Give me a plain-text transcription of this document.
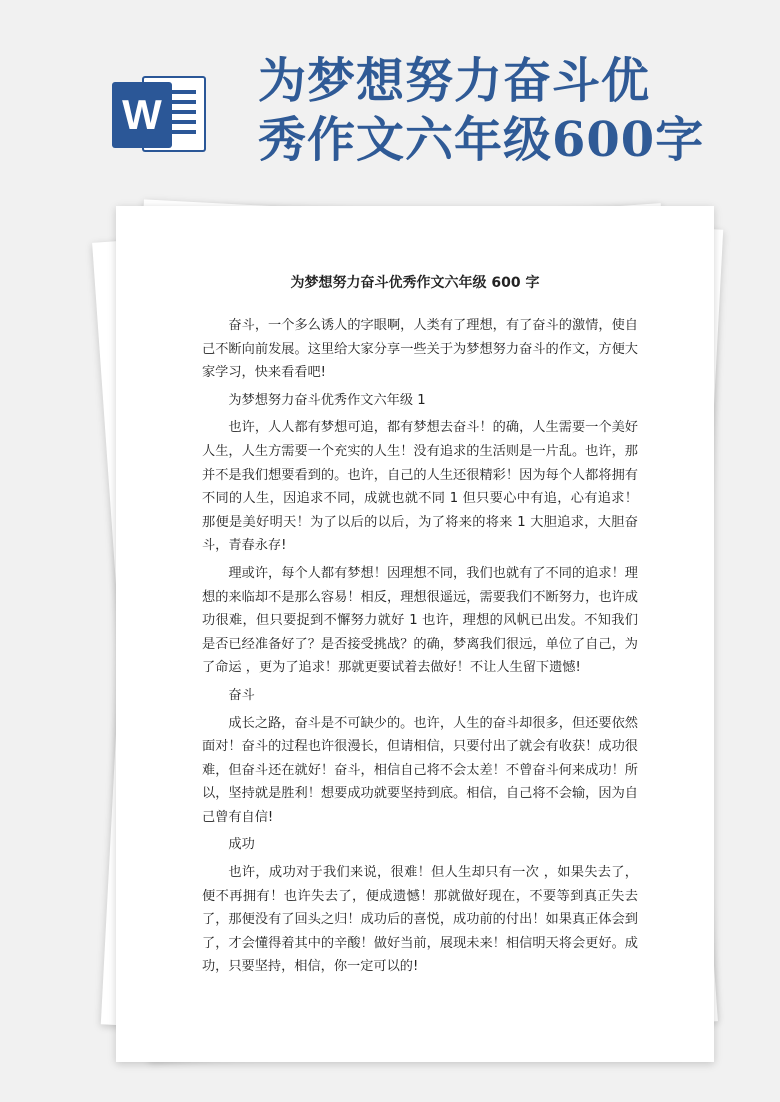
W
为梦想努力奋斗优
秀作文六年级600字
为梦想努力奋斗优秀作文六年级 600 字

奋斗，一个多么诱人的字眼啊，人类有了理想，有了奋斗的激情，使自己不断向前发展。这里给大家分享一些关于为梦想努力奋斗的作文，方便大家学习，快来看看吧!

为梦想努力奋斗优秀作文六年级 1

也许，人人都有梦想可追，都有梦想去奋斗！的确，人生需要一个美好人生，人生方需要一个充实的人生！没有追求的生活则是一片乱。也许，那并不是我们想要看到的。也许，自己的人生还很精彩！因为每个人都将拥有不同的人生，因追求不同，成就也就不同 1 但只要心中有追，心有追求！那便是美好明天！为了以后的以后，为了将来的将来 1 大胆追求，大胆奋斗，青春永存!

理或许，每个人都有梦想！因理想不同，我们也就有了不同的追求！理想的来临却不是那么容易！相反，理想很遥远，需要我们不断努力，也许成功很难，但只要捉到不懈努力就好 1 也许，理想的风帆已出发。不知我们是否已经准备好了？是否接受挑战？的确，梦离我们很远，单位了自己，为了命运 ，更为了追求！那就更要试着去做好！不让人生留下遗憾!

奋斗

成长之路，奋斗是不可缺少的。也许，人生的奋斗却很多，但还要依然面对！奋斗的过程也许很漫长，但请相信，只要付出了就会有收获！成功很难，但奋斗还在就好！奋斗，相信自己将不会太差！不曾奋斗何来成功！所以，坚持就是胜利！想要成功就要坚持到底。相信，自己将不会输，因为自己曾有自信!

成功

也许，成功对于我们来说，很难！但人生却只有一次 ，如果失去了，便不再拥有！也许失去了，便成遗憾！那就做好现在，不要等到真正失去了，那便没有了回头之归！成功后的喜悦，成功前的付出！如果真正体会到了，才会懂得着其中的辛酸！做好当前，展现未来！相信明天将会更好。成功，只要坚持，相信，你一定可以的!
